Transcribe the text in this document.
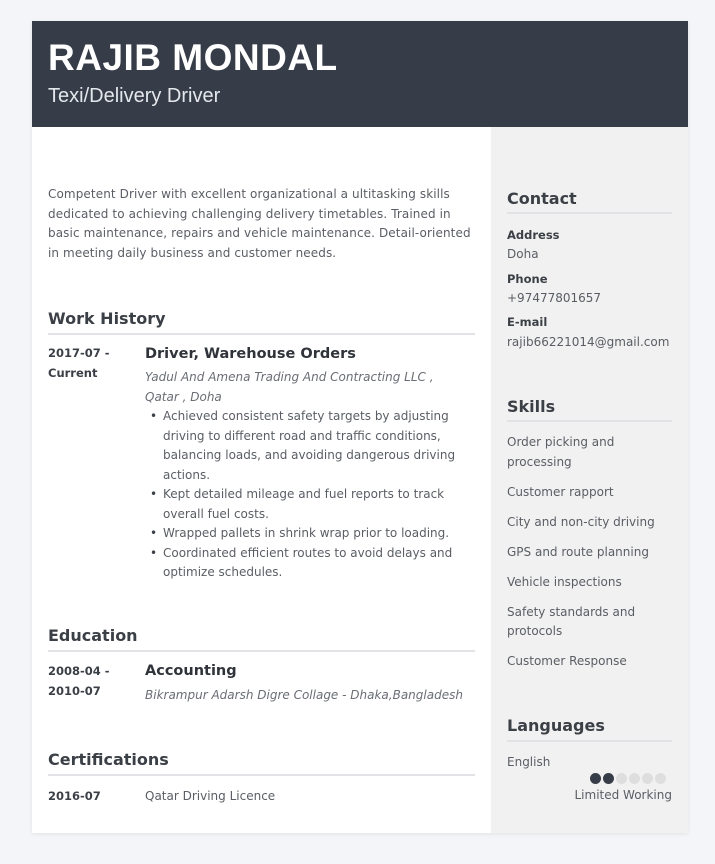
RAJIB MONDAL
Texi/Delivery Driver
Competent Driver with excellent organizational a ultitasking skills dedicated to achieving challenging delivery timetables. Trained in basic maintenance, repairs and vehicle maintenance. Detail-oriented in meeting daily business and customer needs.
Work History
2017-07 -
Current
Driver, Warehouse Orders
Yadul And Amena Trading And Contracting LLC , Qatar , Doha
• Achieved consistent safety targets by adjusting driving to different road and traffic conditions, balancing loads, and avoiding dangerous driving actions.
• Kept detailed mileage and fuel reports to track overall fuel costs.
• Wrapped pallets in shrink wrap prior to loading.
• Coordinated efficient routes to avoid delays and optimize schedules.
Education
2008-04 -
2010-07
Accounting
Bikrampur Adarsh Digre Collage - Dhaka,Bangladesh
Certifications
2016-07	Qatar Driving Licence
Contact
Address
Doha
Phone
+97477801657
E-mail
rajib66221014@gmail.com
Skills
Order picking and processing
Customer rapport
City and non-city driving
GPS and route planning
Vehicle inspections
Safety standards and protocols
Customer Response
Languages
English
Limited Working
